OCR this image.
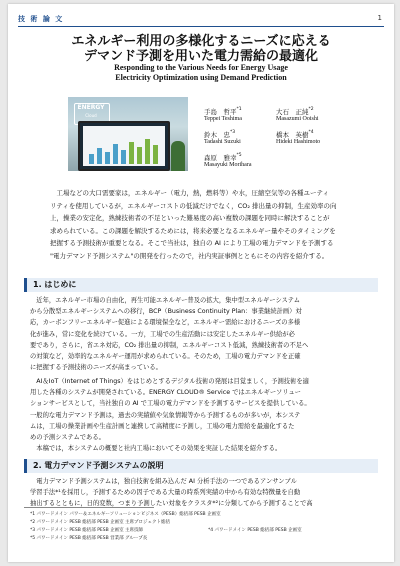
技 術 論 文	1
エネルギー利用の多様化するニーズに応える
デマンド予測を用いた電力需給の最適化
Responding to the Various Needs for Energy Usage
Electricity Optimization using Demand Prediction
ENERGY
Cloud	手島　哲平$^{*1}$
Teppei Teshima
大石　正純$^{*2}$
Masazumi Ooishi
鈴木　忠$^{*3}$
Tadashi Suzuki
橋本　英樹$^{*4}$
Hideki Hashimoto
森原　雅幸$^{*5}$
Masayuki Morihara
　工場などの大口需要家は，エネルギー（電力，熱，燃料等）や水，圧縮空気等の各種ユーティ
リティを使用しているが，エネルギーコストの低減だけでなく，CO₂ 排出量の抑制，生産効率の向
上，操業の安定化，熟練技術者の不足といった難易度の高い複数の課題を同時に解決することが
求められている。この課題を解決するためには，将来必要となるエネルギー量やそのタイミングを
把握する予測技術が重要となる。そこで当社は，独自の AI により工場の電力デマンドを予測する
"電力デマンド予測システム"の開発を行ったので，社内実証事例とともにその内容を紹介する。
1. はじめに
　近年，エネルギー市場の自由化，再生可能エネルギー普及の拡大，集中型エネルギーシステム
から分散型エネルギーシステムへの移行，BCP（Business Continuity Plan：事業継続計画）対
応，カーボンフリーエネルギー促進による環境保全など，エネルギー需給におけるニーズの多様
化が進み，常に変化を続けている。一方，工場での生産活動には安定したエネルギー供給が必
要であり，さらに，省エネ対応，CO₂ 排出量の抑制，エネルギーコスト低減，熟練技術者の不足へ
の対策など，効率的なエネルギー運用が求められている。そのため，工場の電力デマンドを正確
に把握する予測技術のニーズが高まっている。
　AI＆IoT（Internet of Things）をはじめとするデジタル技術の発展は目覚ましく，予測技術を適
用した各種のシステムが開発されている。ENERGY CLOUD® Service ではエネルギーソリュー
ションサービスとして，当社独自の AI で工場の電力デマンドを予測するサービスを提供している。
一般的な電力デマンド予測は，過去の実績値や気象情報等から予測するものが多いが，本システ
ムは，工場の操業計画や生産計画と連携して高精度に予測し，工場の電力需給を最適化するた
めの予測システムである。
　本稿では，本システムの概要と社内工場においてその効果を実証した結果を紹介する。
2. 電力デマンド予測システムの説明
　電力デマンド予測システムは，独自技術を組み込んだ AI 分析手法の一つであるアンサンブル
学習手法*¹を採用し，予測するための因子である大量の時系列実績の中から有効な特徴量を自動
抽出するとともに，日的変数，つまり予測したい対象をクラスタ*²に分類してから予測することで高
*1 パワードメイン パワー＆エネルギーソリューションビジネス（PESB）総括部 PESB 企画室
*2 パワードメイン PESB 総括部 PESB 企画室 主席プロジェクト総括
*3 パワードメイン PESB 総括部 PESB 企画室 主席技師	*4 パワードメイン PESB 総括部 PESB 企画室
*5 パワードメイン PESB 総括部 PESB 営業部 グループ長
